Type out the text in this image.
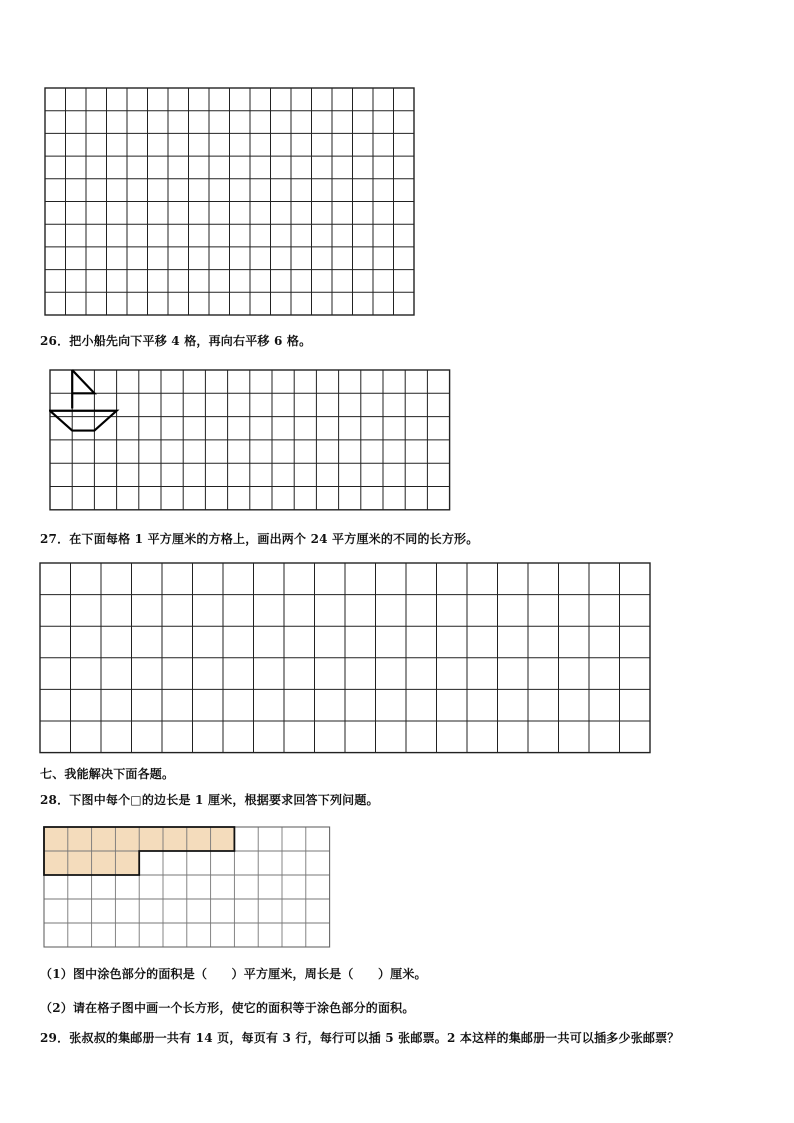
26．把小船先向下平移 4 格，再向右平移 6 格。
27．在下面每格 1 平方厘米的方格上，画出两个 24 平方厘米的不同的长方形。
七、我能解决下面各题。
28．下图中每个□的边长是 1 厘米，根据要求回答下列问题。
（1）图中涂色部分的面积是（　　）平方厘米，周长是（　　）厘米。
（2）请在格子图中画一个长方形，使它的面积等于涂色部分的面积。
29．张叔叔的集邮册一共有 14 页，每页有 3 行，每行可以插 5 张邮票。2 本这样的集邮册一共可以插多少张邮票？
